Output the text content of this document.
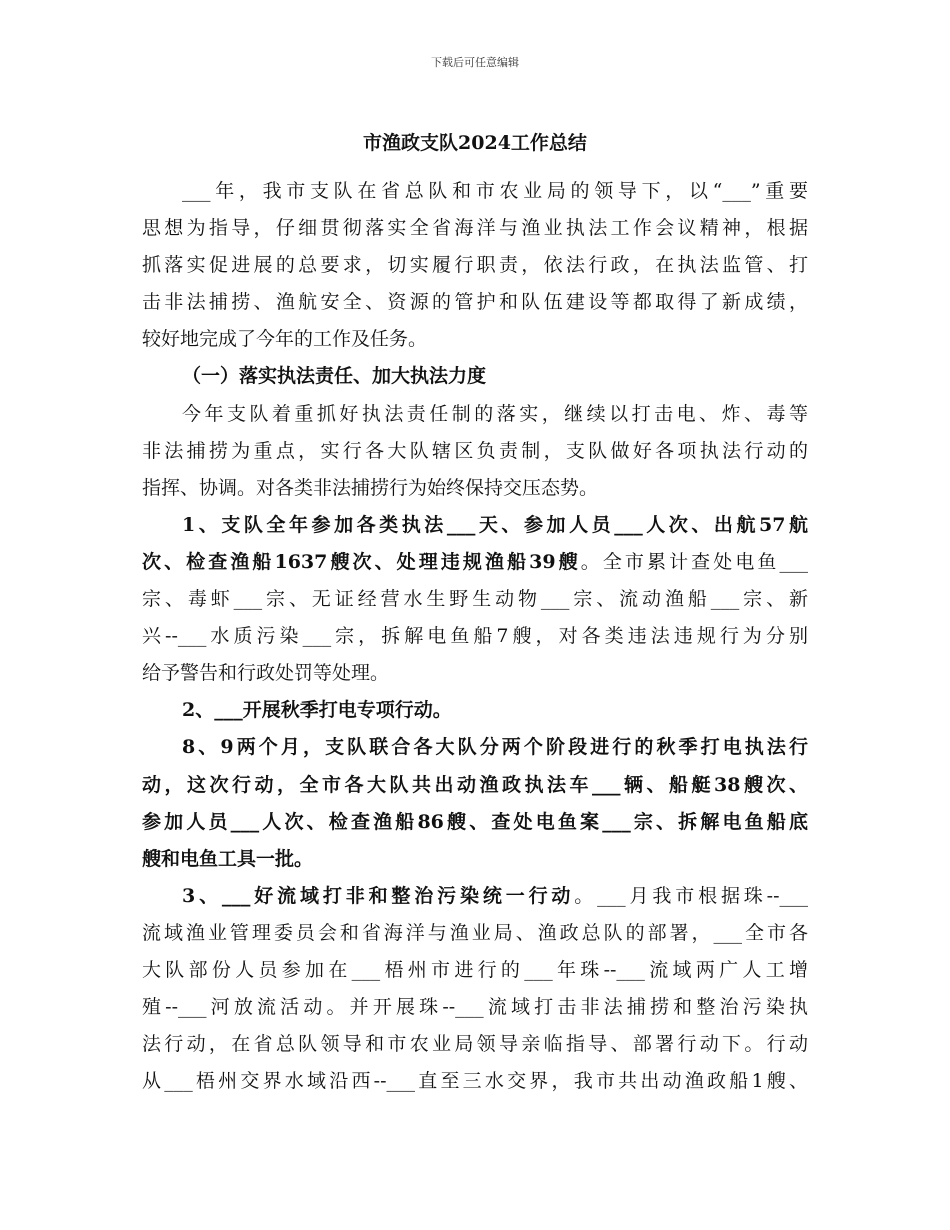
下载后可任意编辑
市渔政支队2024工作总结
___年，我市支队在省总队和市农业局的领导下，以“___”重要
思想为指导，仔细贯彻落实全省海洋与渔业执法工作会议精神，根据
抓落实促进展的总要求，切实履行职责，依法行政，在执法监管、打
击非法捕捞、渔航安全、资源的管护和队伍建设等都取得了新成绩，
较好地完成了今年的工作及任务。
（一）落实执法责任、加大执法力度
今年支队着重抓好执法责任制的落实，继续以打击电、炸、毒等
非法捕捞为重点，实行各大队辖区负责制，支队做好各项执法行动的
指挥、协调。对各类非法捕捞行为始终保持交压态势。
1、支队全年参加各类执法___天、参加人员___人次、出航57航
次、检查渔船1637艘次、处理违规渔船39艘。全市累计查处电鱼___
宗、毒虾___宗、无证经营水生野生动物___宗、流动渔船___宗、新
兴--___水质污染___宗，拆解电鱼船7艘，对各类违法违规行为分别
给予警告和行政处罚等处理。
2、___开展秋季打电专项行动。
8、9两个月，支队联合各大队分两个阶段进行的秋季打电执法行
动，这次行动，全市各大队共出动渔政执法车___辆、船艇38艘次、
参加人员___人次、检查渔船86艘、查处电鱼案___宗、拆解电鱼船底
艘和电鱼工具一批。
3、___好流域打非和整治污染统一行动。___月我市根据珠--___
流域渔业管理委员会和省海洋与渔业局、渔政总队的部署，___全市各
大队部份人员参加在___梧州市进行的___年珠--___流域两广人工增
殖--___河放流活动。并开展珠--___流域打击非法捕捞和整治污染执
法行动，在省总队领导和市农业局领导亲临指导、部署行动下。行动
从___梧州交界水域沿西--___直至三水交界，我市共出动渔政船1艘、
